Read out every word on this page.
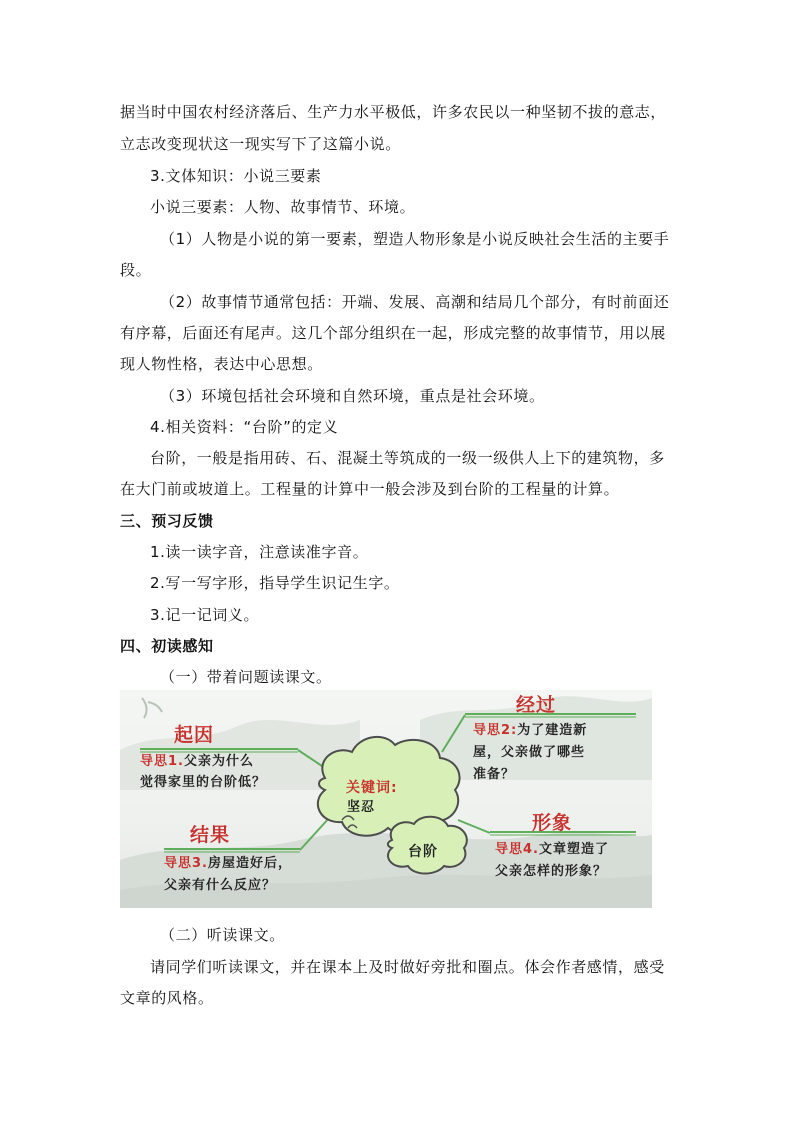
据当时中国农村经济落后、生产力水平极低，许多农民以一种坚韧不拔的意志，
立志改变现状这一现实写下了这篇小说。
3.文体知识：小说三要素
小说三要素：人物、故事情节、环境。
（1）人物是小说的第一要素，塑造人物形象是小说反映社会生活的主要手
段。
（2）故事情节通常包括：开端、发展、高潮和结局几个部分，有时前面还
有序幕，后面还有尾声。这几个部分组织在一起，形成完整的故事情节，用以展
现人物性格，表达中心思想。
（3）环境包括社会环境和自然环境，重点是社会环境。
4.相关资料：“台阶”的定义
台阶，一般是指用砖、石、混凝土等筑成的一级一级供人上下的建筑物，多
在大门前或坡道上。工程量的计算中一般会涉及到台阶的工程量的计算。
三、预习反馈
1.读一读字音，注意读准字音。
2.写一写字形，指导学生识记生字。
3.记一记词义。
四、初读感知
（一）带着问题读课文。
起因
导思1.父亲为什么
觉得家里的台阶低？
经过
导思2:为了建造新
屋，父亲做了哪些
准备？
关键词:
坚忍
台阶
结果
导思3.房屋造好后，
父亲有什么反应？
形象
导思4.文章塑造了
父亲怎样的形象？
（二）听读课文。
请同学们听读课文，并在课本上及时做好旁批和圈点。体会作者感情，感受
文章的风格。
